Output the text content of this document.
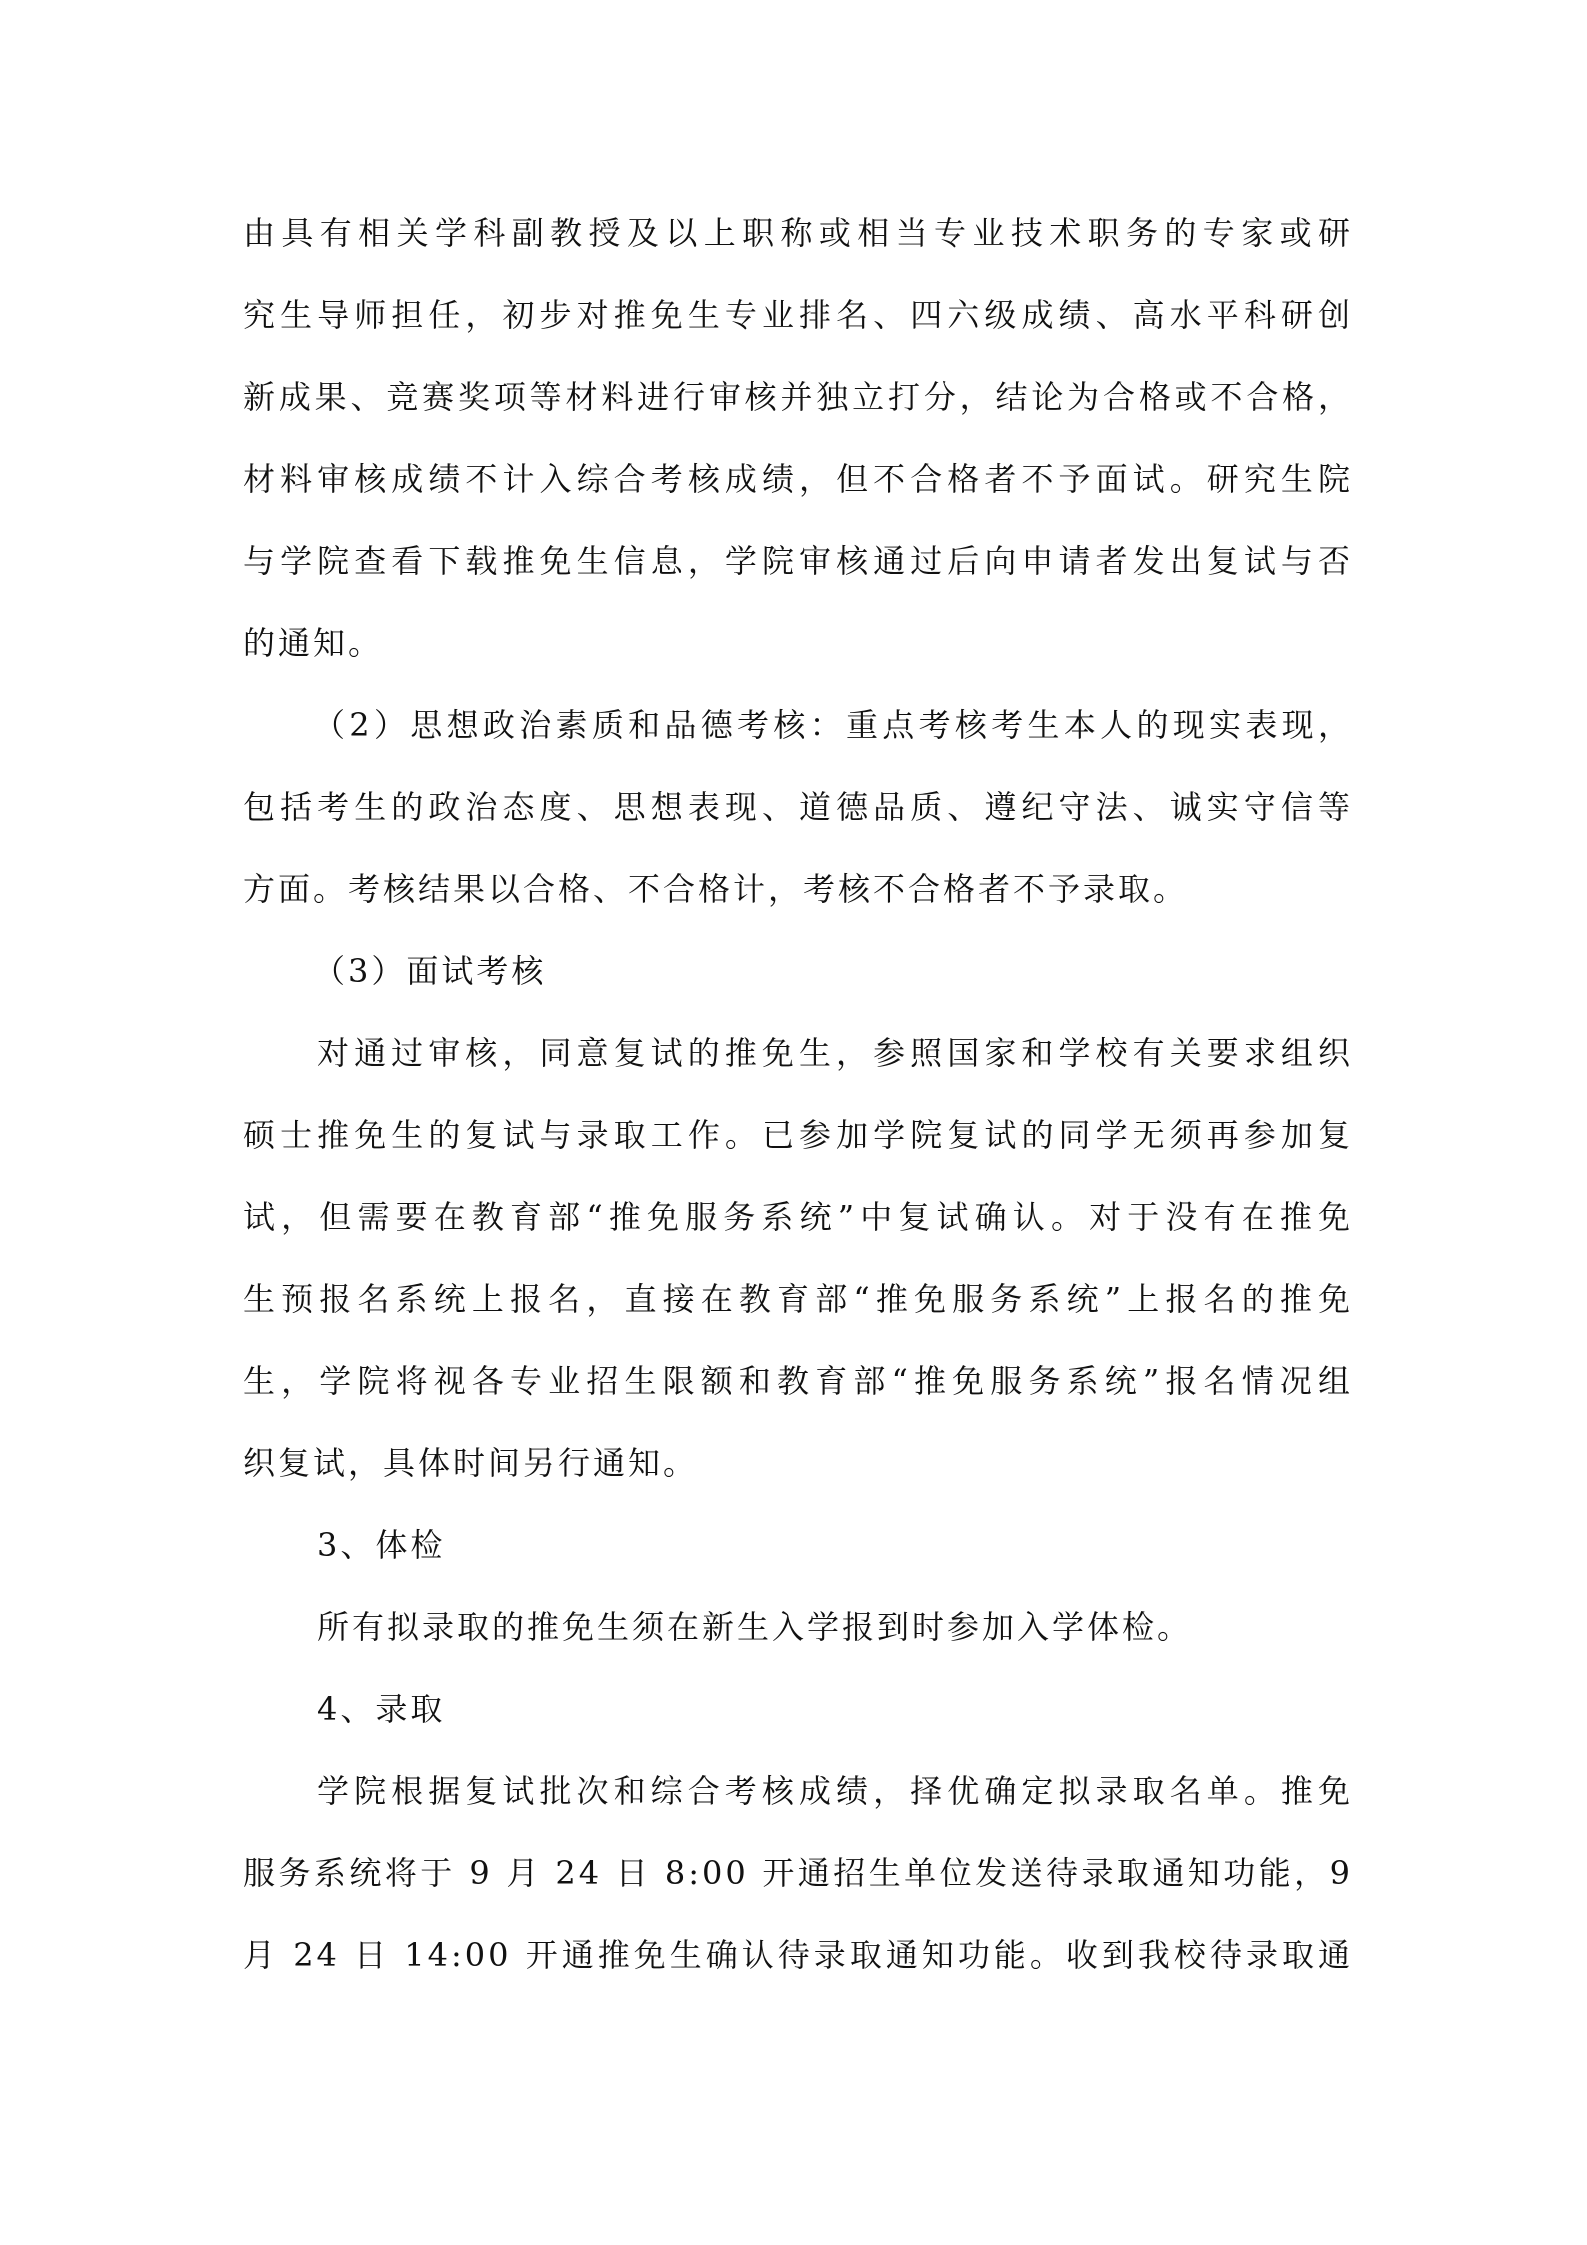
由具有相关学科副教授及以上职称或相当专业技术职务的专家或研
究生导师担任，初步对推免生专业排名、四六级成绩、高水平科研创
新成果、竞赛奖项等材料进行审核并独立打分，结论为合格或不合格，
材料审核成绩不计入综合考核成绩，但不合格者不予面试。研究生院
与学院查看下载推免生信息，学院审核通过后向申请者发出复试与否
的通知。
（2）思想政治素质和品德考核：重点考核考生本人的现实表现，
包括考生的政治态度、思想表现、道德品质、遵纪守法、诚实守信等
方面。考核结果以合格、不合格计，考核不合格者不予录取。
（3）面试考核
对通过审核，同意复试的推免生，参照国家和学校有关要求组织
硕士推免生的复试与录取工作。已参加学院复试的同学无须再参加复
试，但需要在教育部“推免服务系统”中复试确认。对于没有在推免
生预报名系统上报名，直接在教育部“推免服务系统”上报名的推免
生，学院将视各专业招生限额和教育部“推免服务系统”报名情况组
织复试，具体时间另行通知。
3、体检
所有拟录取的推免生须在新生入学报到时参加入学体检。
4、录取
学院根据复试批次和综合考核成绩，择优确定拟录取名单。推免
服务系统将于 9 月 24 日 8:00 开通招生单位发送待录取通知功能，9
月 24 日 14:00 开通推免生确认待录取通知功能。收到我校待录取通
